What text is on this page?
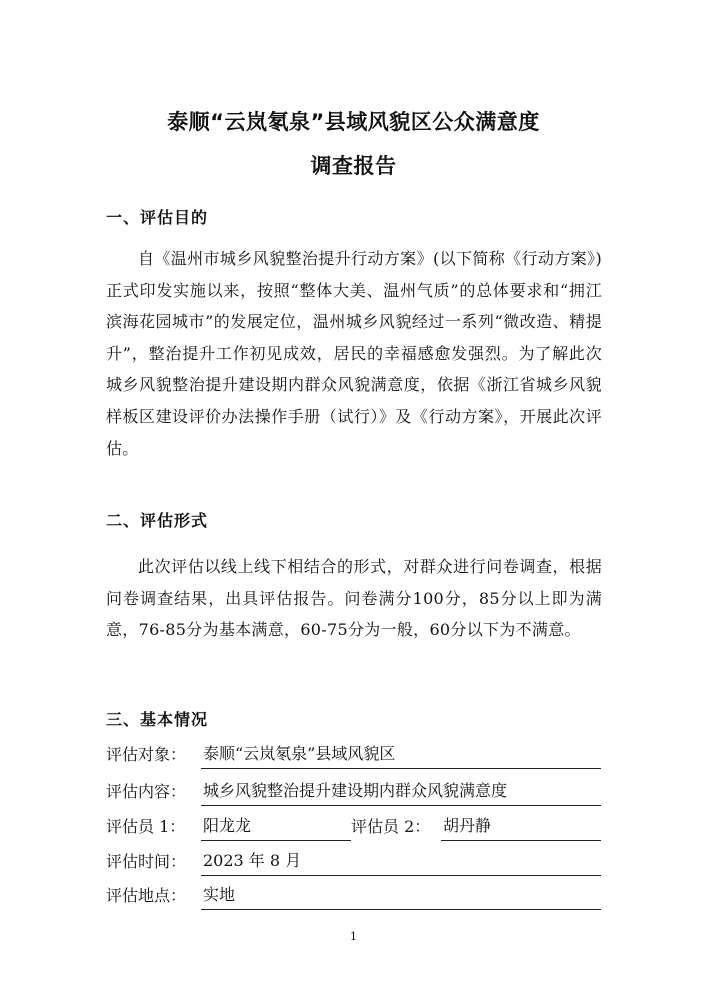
泰顺“云岚氡泉”县域风貌区公众满意度
调查报告
一、评估目的
自《温州市城乡风貌整治提升行动方案》(以下简称《行动方案》)正式印发实施以来，按照“整体大美、温州气质”的总体要求和“拥江滨海花园城市”的发展定位，温州城乡风貌经过一系列“微改造、精提升”，整治提升工作初见成效，居民的幸福感愈发强烈。为了解此次城乡风貌整治提升建设期内群众风貌满意度，依据《浙江省城乡风貌样板区建设评价办法操作手册（试行）》及《行动方案》，开展此次评估。
二、评估形式
此次评估以线上线下相结合的形式，对群众进行问卷调查，根据问卷调查结果，出具评估报告。问卷满分100分，85分以上即为满意，76-85分为基本满意，60-75分为一般，60分以下为不满意。
三、基本情况
评估对象： 泰顺“云岚氡泉”县域风貌区
评估内容： 城乡风貌整治提升建设期内群众风貌满意度
评估员 1： 阳龙龙	评估员 2： 胡丹静
评估时间： 2023 年 8 月
评估地点： 实地
1
